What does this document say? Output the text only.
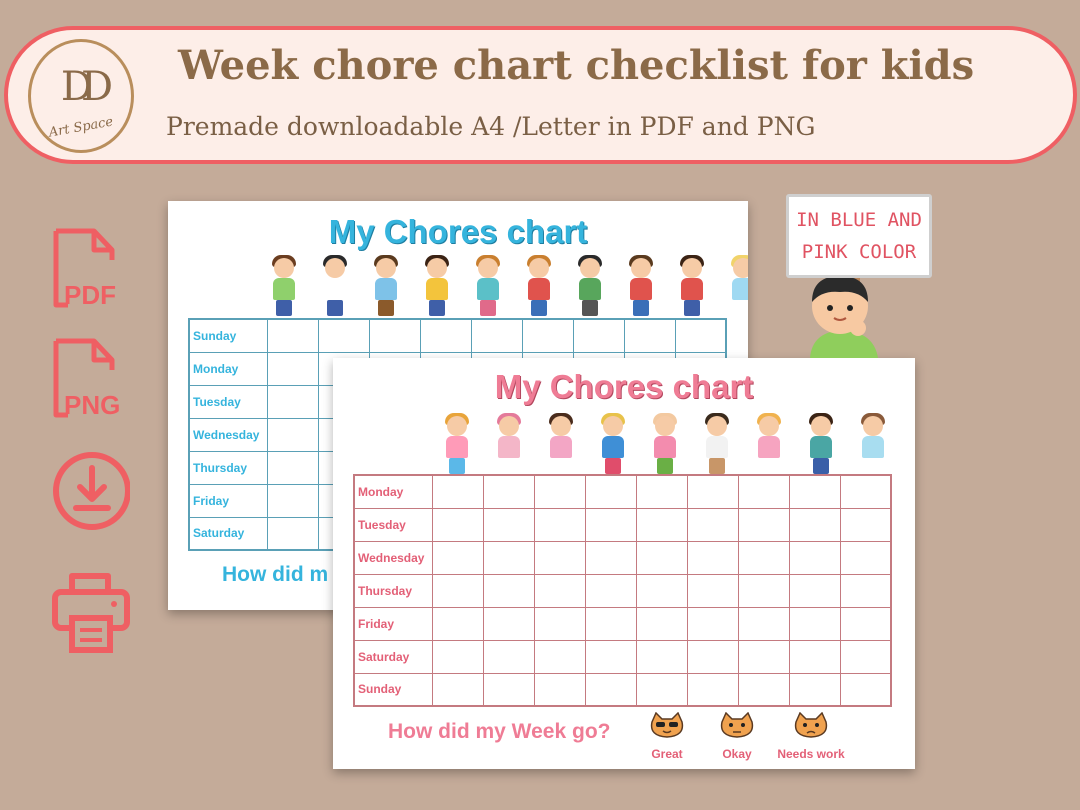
DD
Art Space
Week chore chart checklist for kids
Premade downloadable A4 /Letter in PDF and PNG
PDF
PNG
My Chores chart
Sunday									
Monday									
Tuesday									
Wednesday									
Thursday									
Friday									
Saturday									
How did m
My Chores chart
Monday									
Tuesday									
Wednesday									
Thursday									
Friday									
Saturday									
Sunday									
How did my Week go?
Great	Okay	Needs work
IN BLUE AND
PINK COLOR
